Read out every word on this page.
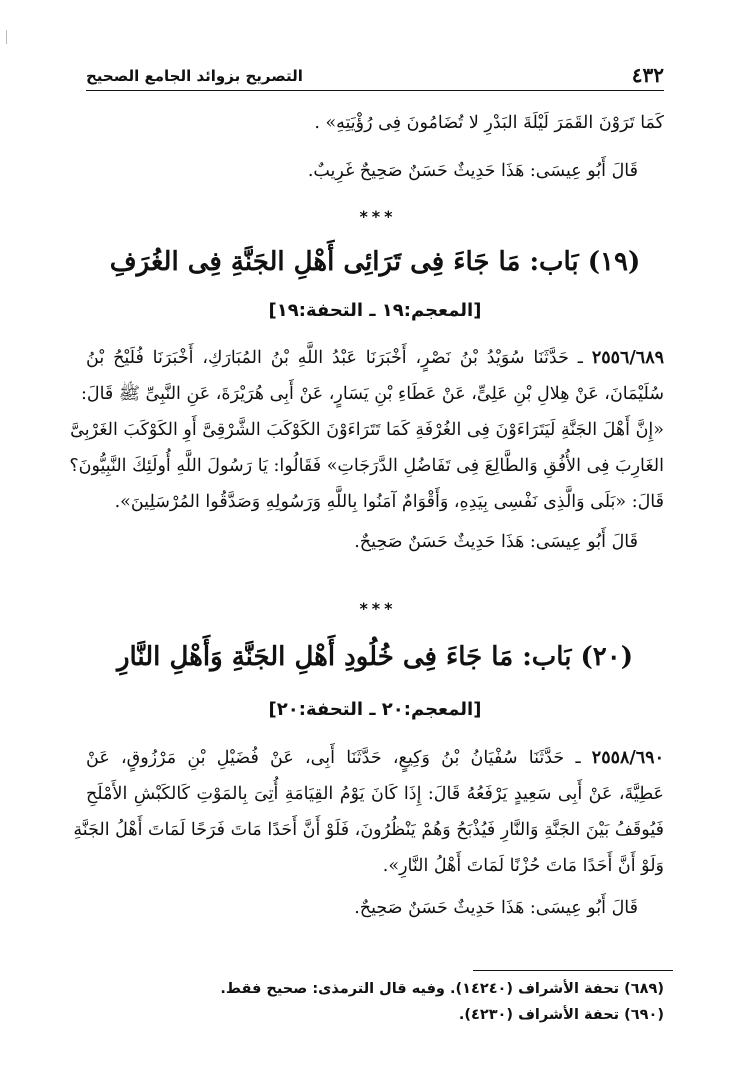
٤٣٢
التصريح بزوائد الجامع الصحيح
كَمَا تَرَوْنَ القَمَرَ لَيْلَةَ البَدْرِ لا تُضَامُونَ فِى رُؤْيَتِهِ» .
قَالَ أَبُو عِيسَى: هَذَا حَدِيثٌ حَسَنٌ صَحِيحٌ غَرِيبٌ.
***
(١٩) بَاب: مَا جَاءَ فِى تَرَائِى أَهْلِ الجَنَّةِ فِى الغُرَفِ
[المعجم:١٩ ـ التحفة:١٩]
٢٥٥٦/٦٨٩ ـ حَدَّثَنَا سُوَيْدُ بْنُ نَصْرٍ، أَخْبَرَنَا عَبْدُ اللَّهِ بْنُ المُبَارَكِ، أَخْبَرَنَا فُلَيْحُ بْنُ
سُلَيْمَانَ، عَنْ هِلالِ بْنِ عَلِىٍّ، عَنْ عَطَاءِ بْنِ يَسَارٍ، عَنْ أَبِى هُرَيْرَةَ، عَنِ النَّبِىِّ ﷺ قَالَ:
«إِنَّ أَهْلَ الجَنَّةِ لَيَتَرَاءَوْنَ فِى الغُرْفَةِ كَمَا تَتَرَاءَوْنَ الكَوْكَبَ الشَّرْقِىَّ أَوِ الكَوْكَبَ الغَرْبِىَّ
الغَارِبَ فِى الأُفُقِ وَالطَّالِعَ فِى تَفَاضُلِ الدَّرَجَاتِ» فَقَالُوا: يَا رَسُولَ اللَّهِ أُولَئِكَ النَّبِيُّونَ؟
قَالَ: «بَلَى وَالَّذِى نَفْسِى بِيَدِهِ، وَأَقْوَامٌ آمَنُوا بِاللَّهِ وَرَسُولِهِ وَصَدَّقُوا المُرْسَلِينَ».
قَالَ أَبُو عِيسَى: هَذَا حَدِيثٌ حَسَنٌ صَحِيحٌ.
***
(٢٠) بَاب: مَا جَاءَ فِى خُلُودِ أَهْلِ الجَنَّةِ وَأَهْلِ النَّارِ
[المعجم:٢٠ ـ التحفة:٢٠]
٢٥٥٨/٦٩٠ ـ حَدَّثَنَا سُفْيَانُ بْنُ وَكِيعٍ، حَدَّثَنَا أَبِى، عَنْ فُضَيْلِ بْنِ مَرْزُوقٍ، عَنْ
عَطِيَّةَ، عَنْ أَبِى سَعِيدٍ يَرْفَعُهُ قَالَ: إِذَا كَانَ يَوْمُ القِيَامَةِ أُتِىَ بِالمَوْتِ كَالكَبْشِ الأَمْلَحِ
فَيُوقَفُ بَيْنَ الجَنَّةِ وَالنَّارِ فَيُذْبَحُ وَهُمْ يَنْظُرُونَ، فَلَوْ أَنَّ أَحَدًا مَاتَ فَرَحًا لَمَاتَ أَهْلُ الجَنَّةِ
وَلَوْ أَنَّ أَحَدًا مَاتَ حُزْنًا لَمَاتَ أَهْلُ النَّارِ».
قَالَ أَبُو عِيسَى: هَذَا حَدِيثٌ حَسَنٌ صَحِيحٌ.
(٦٨٩) تحفة الأشراف (١٤٢٤٠). وفيه قال الترمذى: صحيح فقط.
(٦٩٠) تحفة الأشراف (٤٢٣٠).
